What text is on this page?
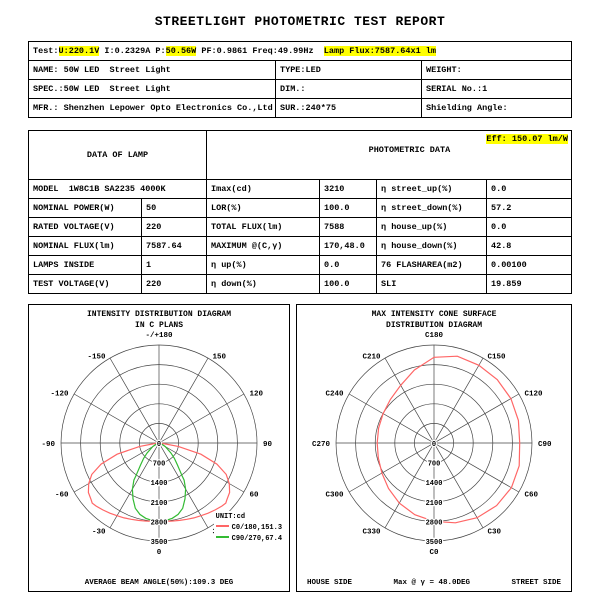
STREETLIGHT PHOTOMETRIC TEST REPORT
Test:U:220.1V I:0.2329A P:50.56W PF:0.9861 Freq:49.99Hz  Lamp Flux:7587.64x1 lm		
NAME: 50W LED  Street Light	TYPE:LED	WEIGHT:
SPEC.:50W LED  Street Light	DIM.:	SERIAL No.:1
MFR.: Shenzhen Lepower Opto Electronics Co.,Ltd	SUR.:240*75	Shielding Angle:
DATA OF LAMP		PHOTOMETRIC DATA

Eff: 150.07 lm/W			

MODEL  1W8C1B SA2235 4000K		Imax(cd)	3210	η street_up(%)	0.0
NOMINAL POWER(W)	50	LOR(%)	100.0	η street_down(%)	57.2
RATED VOLTAGE(V)	220	TOTAL FLUX(lm)	7588	η house_up(%)	0.0
NOMINAL FLUX(lm)	7587.64	MAXIMUM @(C,γ)	170,48.0	η house_down(%)	42.8
LAMPS INSIDE	1	η up(%)	0.0	76 FLASHAREA(m2)	0.00100
TEST VOLTAGE(V)	220	η down(%)	100.0	SLI	19.859
INTENSITY DISTRIBUTION DIAGRAM
IN C PLANS
-/+180
-150	150
-120	120
-90	90
-60	60
-30
0
0
700
1400
2100
2800
3500
UNIT:cd
C0/180,151.3
C90/270,67.4
AVERAGE BEAM ANGLE(50%):109.3 DEG
MAX INTENSITY CONE SURFACE
DISTRIBUTION DIAGRAM
C0
C30
C60
C90
C120
C150
C180
C210
C240
C270
C300
C330
0
700
1400
2100
2800
3500
HOUSE SIDE	Max @ γ = 48.0DEG	STREET SIDE
